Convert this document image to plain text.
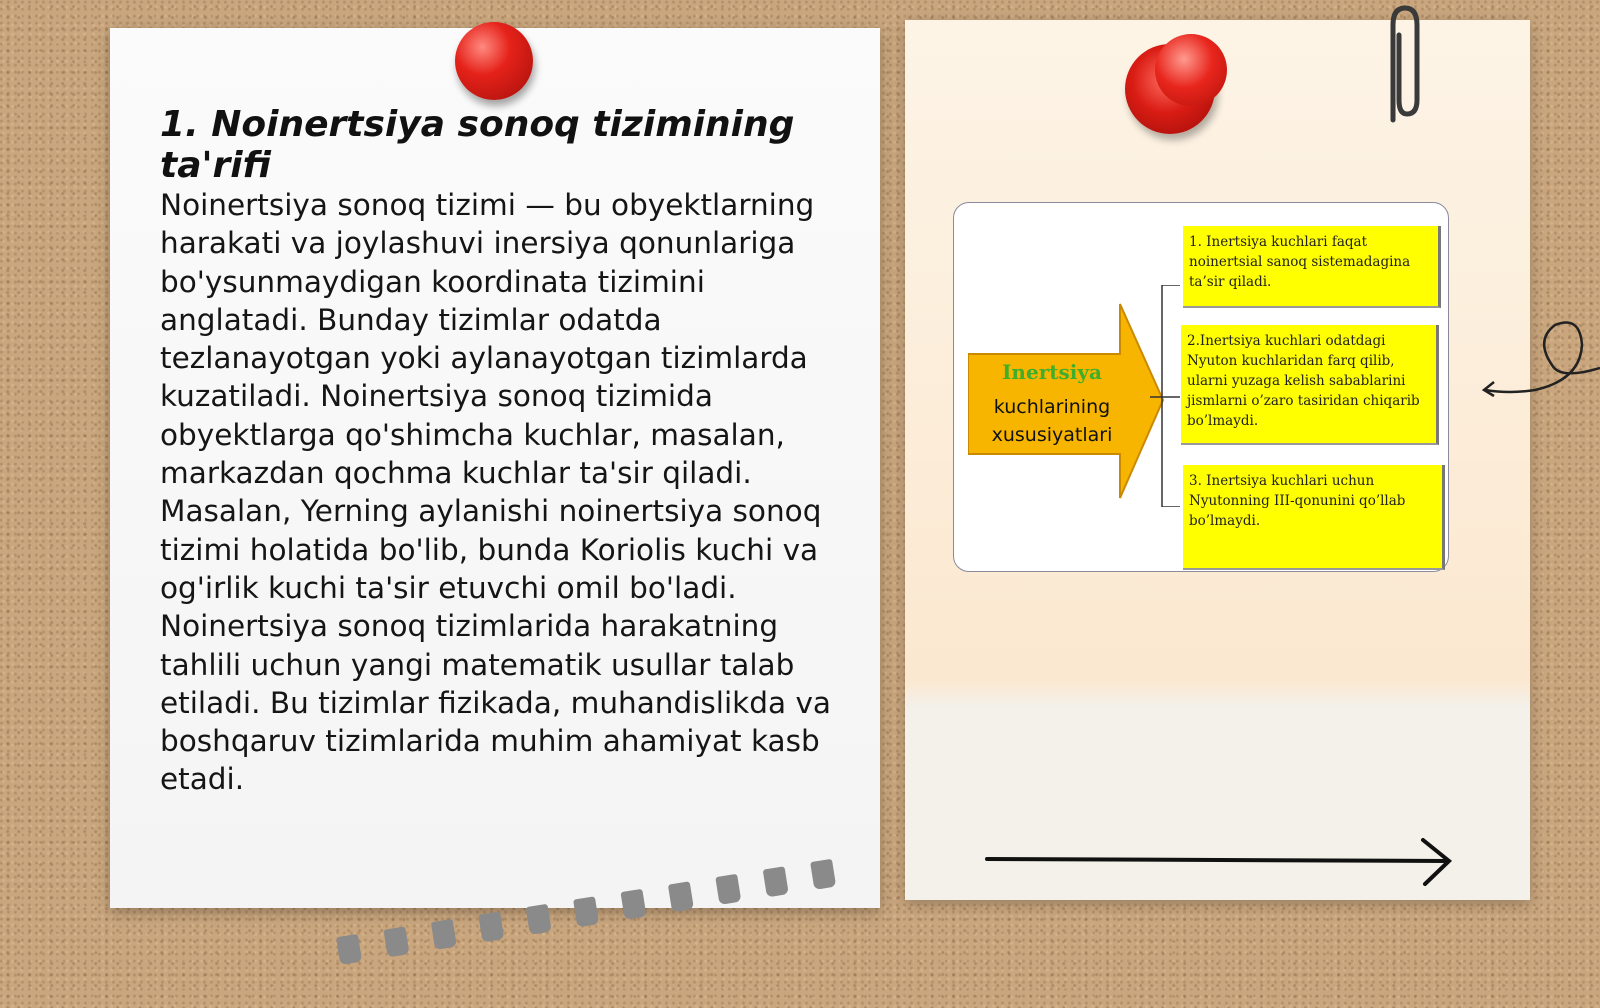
1. Noinertsiya sonoq tizimining ta'rifi

Noinertsiya sonoq tizimi — bu obyektlarning harakati va joylashuvi inersiya qonunlariga bo'ysunmaydigan koordinata tizimini anglatadi. Bunday tizimlar odatda tezlanayotgan yoki aylanayotgan tizimlarda kuzatiladi. Noinertsiya sonoq tizimida obyektlarga qo'shimcha kuchlar, masalan, markazdan qochma kuchlar ta'sir qiladi. Masalan, Yerning aylanishi noinertsiya sonoq tizimi holatida bo'lib, bunda Koriolis kuchi va og'irlik kuchi ta'sir etuvchi omil bo'ladi. Noinertsiya sonoq tizimlarida harakatning tahlili uchun yangi matematik usullar talab etiladi. Bu tizimlar fizikada, muhandislikda va boshqaruv tizimlarida muhim ahamiyat kasb etadi.

Inertsiya
kuchlarining
xususiyatlari
1. Inertsiya kuchlari faqat noinertsial sanoq sistemadagina ta’sir qiladi.
2.Inertsiya kuchlari odatdagi Nyuton kuchlaridan farq qilib, ularni yuzaga kelish sabablarini jismlarni o’zaro tasiridan chiqarib bo’lmaydi.
3. Inertsiya kuchlari uchun Nyutonning III-qonunini qo’llab bo’lmaydi.
